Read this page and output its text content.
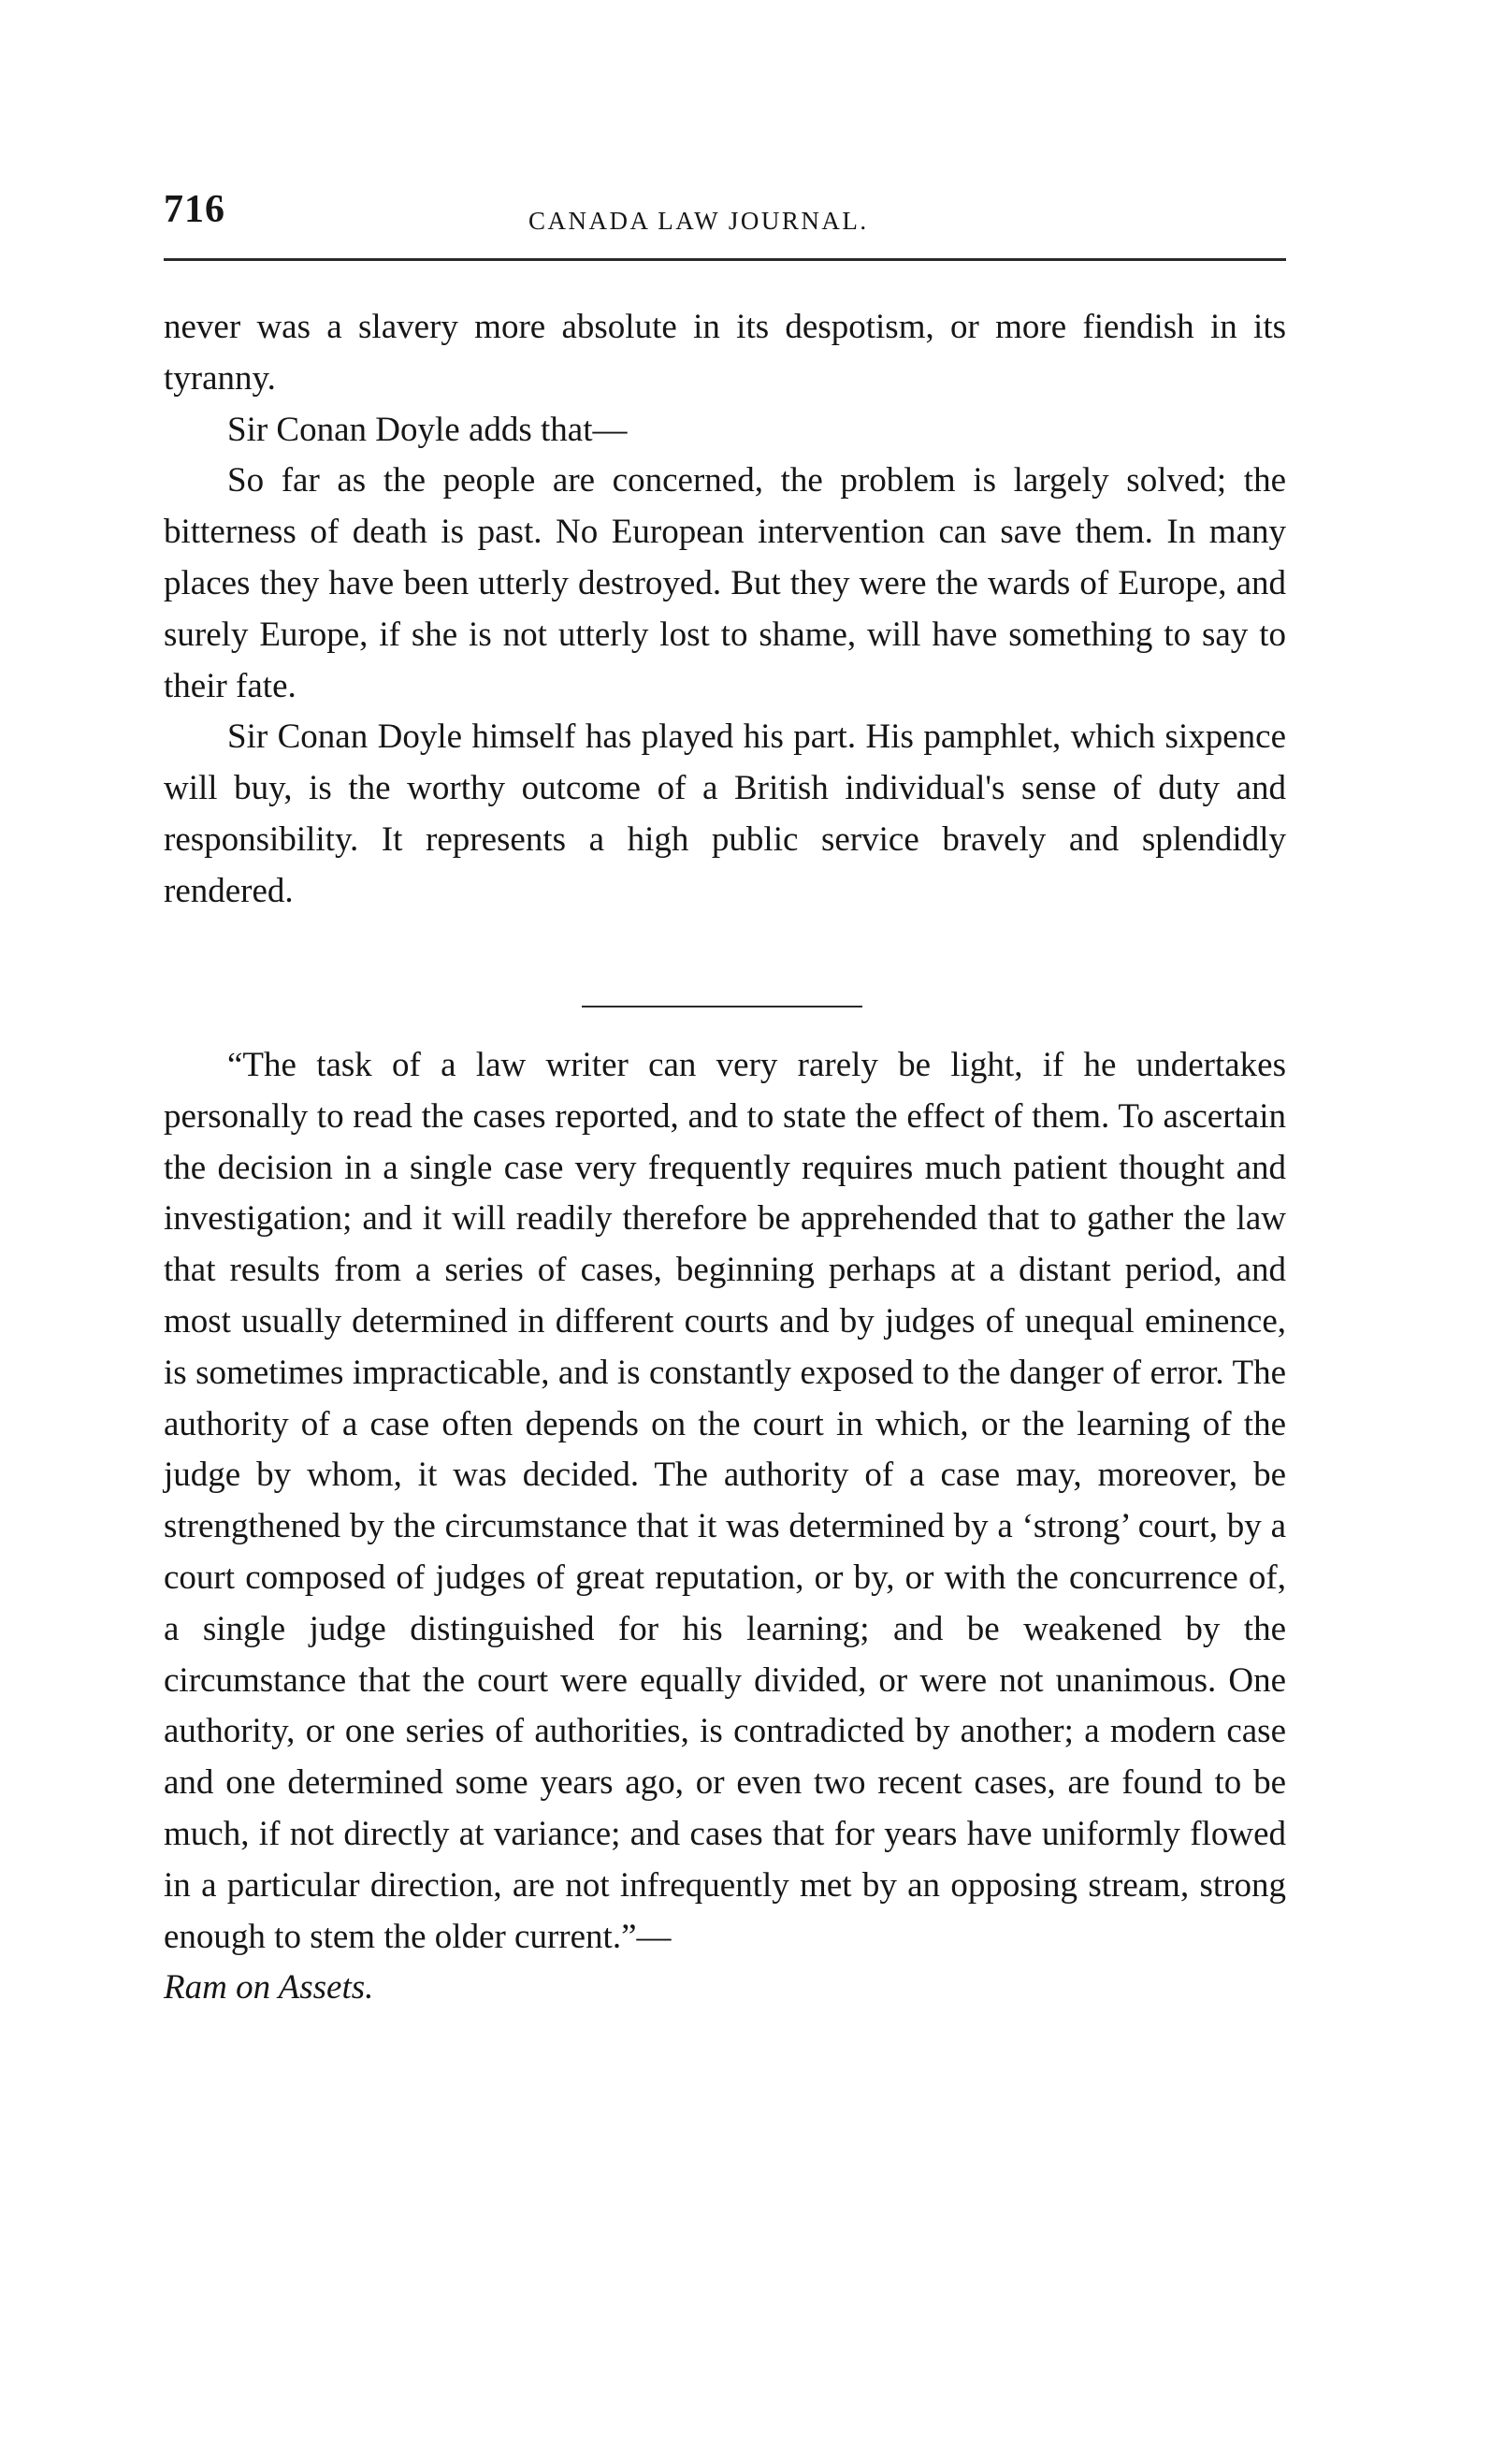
716	CANADA LAW JOURNAL.

never was a slavery more absolute in its despotism, or more fiendish in its tyranny.

Sir Conan Doyle adds that—

So far as the people are concerned, the problem is largely solved; the bitterness of death is past. No European intervention can save them. In many places they have been utterly destroyed. But they were the wards of Europe, and surely Europe, if she is not utterly lost to shame, will have something to say to their fate.

Sir Conan Doyle himself has played his part. His pamphlet, which sixpence will buy, is the worthy outcome of a British individual's sense of duty and responsibility. It represents a high public service bravely and splendidly rendered.

“The task of a law writer can very rarely be light, if he undertakes personally to read the cases reported, and to state the effect of them. To ascertain the decision in a single case very frequently requires much patient thought and investigation; and it will readily therefore be apprehended that to gather the law that results from a series of cases, beginning perhaps at a distant period, and most usually determined in different courts and by judges of unequal eminence, is sometimes impracticable, and is constantly exposed to the danger of error. The authority of a case often depends on the court in which, or the learning of the judge by whom, it was decided. The authority of a case may, moreover, be strengthened by the circumstance that it was determined by a ‘strong’ court, by a court composed of judges of great reputation, or by, or with the concurrence of, a single judge distinguished for his learning; and be weakened by the circumstance that the court were equally divided, or were not unanimous. One authority, or one series of authorities, is contradicted by another; a modern case and one determined some years ago, or even two recent cases, are found to be much, if not directly at variance; and cases that for years have uniformly flowed in a particular direction, are not infrequently met by an opposing stream, strong enough to stem the older current.”—
Ram on Assets.
